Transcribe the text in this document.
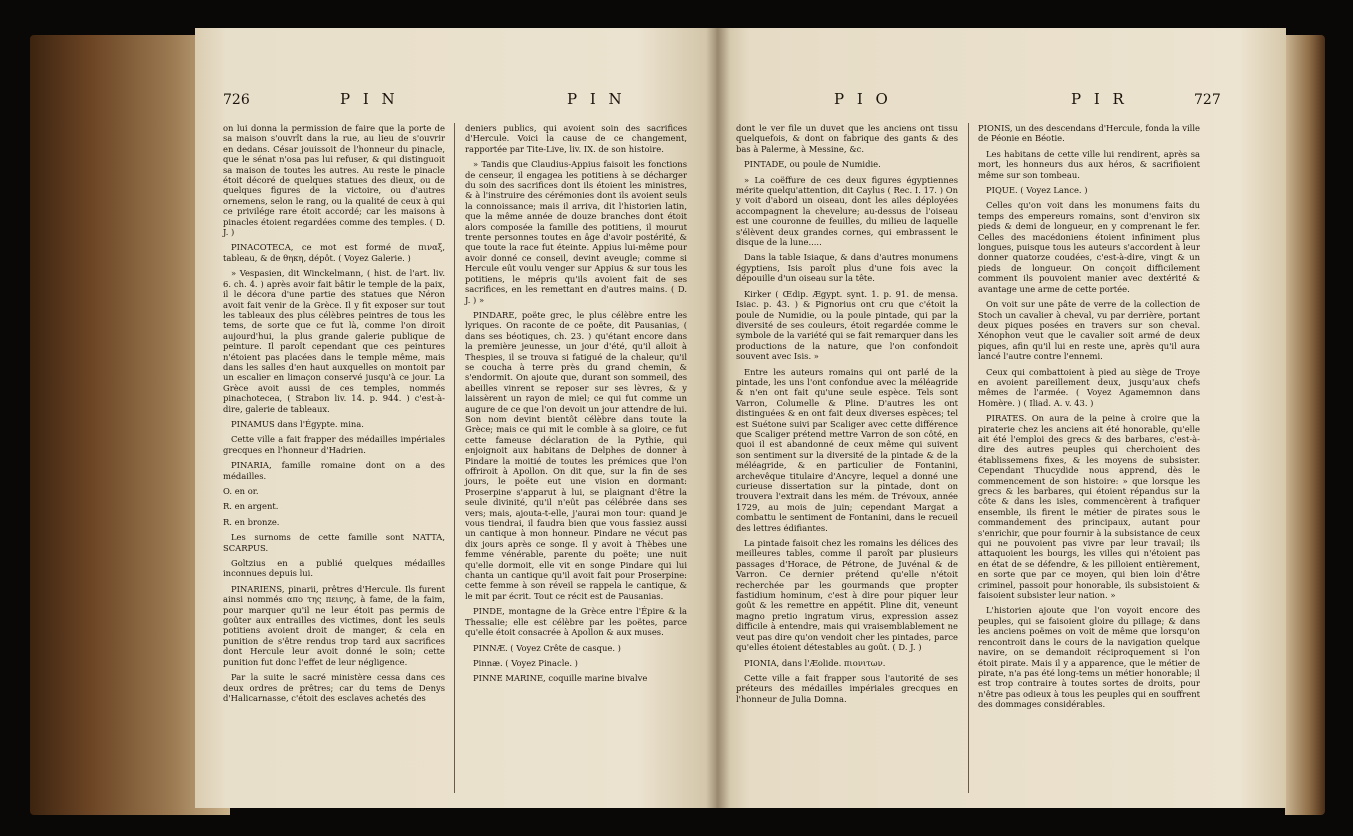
726	P I N	P I N

on lui donna la permission de faire que la porte de sa maison s'ouvrît dans la rue, au lieu de s'ouvrir en dedans. César jouissoit de l'honneur du pinacle, que le sénat n'osa pas lui refuser, & qui distinguoit sa maison de toutes les autres. Au reste le pinacle étoit décoré de quelques statues des dieux, ou de quelques figures de la victoire, ou d'autres ornemens, selon le rang, ou la qualité de ceux à qui ce privilége rare étoit accordé; car les maisons à pinacles étoient regardées comme des temples. ( D. J. )

PINACOTECA, ce mot est formé de πιναξ, tableau, & de θηκη, dépôt. ( Voyez Galerie. )

» Vespasien, dit Winckelmann, ( hist. de l'art. liv. 6. ch. 4. ) après avoir fait bâtir le temple de la paix, il le décora d'une partie des statues que Néron avoit fait venir de la Grèce. Il y fit exposer sur tout les tableaux des plus célèbres peintres de tous les tems, de sorte que ce fut là, comme l'on diroit aujourd'hui, la plus grande galerie publique de peinture. Il paroît cependant que ces peintures n'étoient pas placées dans le temple même, mais dans les salles d'en haut auxquelles on montoit par un escalier en limaçon conservé jusqu'à ce jour. La Grèce avoit aussi de ces temples, nommés pinachotecea, ( Strabon liv. 14. p. 944. ) c'est-à-dire, galerie de tableaux.

PINAMUS dans l'Égypte. mina.

Cette ville a fait frapper des médailles impériales grecques en l'honneur d'Hadrien.

PINARIA, famille romaine dont on a des médailles.

O. en or.

R. en argent.

R. en bronze.

Les surnoms de cette famille sont NATTA, SCARPUS.

Goltzius en a publié quelques médailles inconnues depuis lui.

PINARIENS, pinarii, prêtres d'Hercule. Ils furent ainsi nommés απο της πεινης, à fame, de la faim, pour marquer qu'il ne leur étoit pas permis de goûter aux entrailles des victimes, dont les seuls potitiens avoient droit de manger, & cela en punition de s'être rendus trop tard aux sacrifices dont Hercule leur avoit donné le soin; cette punition fut donc l'effet de leur négligence.

Par la suite le sacré ministère cessa dans ces deux ordres de prêtres; car du tems de Denys d'Halicarnasse, c'étoit des esclaves achetés des

deniers publics, qui avoient soin des sacrifices d'Hercule. Voici la cause de ce changement, rapportée par Tite-Live, liv. IX. de son histoire.

» Tandis que Claudius-Appius faisoit les fonctions de censeur, il engagea les potitiens à se décharger du soin des sacrifices dont ils étoient les ministres, & à l'instruire des cérémonies dont ils avoient seuls la connoissance; mais il arriva, dit l'historien latin, que la même année de douze branches dont étoit alors composée la famille des potitiens, il mourut trente personnes toutes en âge d'avoir postérité, & que toute la race fut éteinte. Appius lui-même pour avoir donné ce conseil, devint aveugle; comme si Hercule eût voulu venger sur Appius & sur tous les potitiens, le mépris qu'ils avoient fait de ses sacrifices, en les remettant en d'autres mains. ( D. J. ) »

PINDARE, poëte grec, le plus célèbre entre les lyriques. On raconte de ce poëte, dit Pausanias, ( dans ses béotiques, ch. 23. ) qu'étant encore dans la première jeunesse, un jour d'été, qu'il alloit à Thespies, il se trouva si fatigué de la chaleur, qu'il se coucha à terre près du grand chemin, & s'endormit. On ajoute que, durant son sommeil, des abeilles vinrent se reposer sur ses lèvres, & y laissèrent un rayon de miel; ce qui fut comme un augure de ce que l'on devoit un jour attendre de lui. Son nom devint bientôt célèbre dans toute la Grèce; mais ce qui mit le comble à sa gloire, ce fut cette fameuse déclaration de la Pythie, qui enjoignoit aux habitans de Delphes de donner à Pindare la moitié de toutes les prémices que l'on offriroit à Apollon. On dit que, sur la fin de ses jours, le poëte eut une vision en dormant: Proserpine s'apparut à lui, se plaignant d'être la seule divinité, qu'il n'eût pas célébrée dans ses vers; mais, ajouta-t-elle, j'aurai mon tour: quand je vous tiendrai, il faudra bien que vous fassiez aussi un cantique à mon honneur. Pindare ne vécut pas dix jours après ce songe. Il y avoit à Thèbes une femme vénérable, parente du poëte; une nuit qu'elle dormoit, elle vit en songe Pindare qui lui chanta un cantique qu'il avoit fait pour Proserpine: cette femme à son réveil se rappela le cantique, & le mit par écrit. Tout ce récit est de Pausanias.

PINDE, montagne de la Grèce entre l'Épire & la Thessalie; elle est célèbre par les poëtes, parce qu'elle étoit consacrée à Apollon & aux muses.

PINNÆ. ( Voyez Crête de casque. )

Pinnæ. ( Voyez Pinacle. )

PINNE MARINE, coquille marine bivalve

P I O	P I R	727

dont le ver file un duvet que les anciens ont tissu quelquefois, & dont on fabrique des gants & des bas à Palerme, à Messine, &c.

PINTADE, ou poule de Numidie.

» La coëffure de ces deux figures égyptiennes mérite quelqu'attention, dit Caylus ( Rec. I. 17. ) On y voit d'abord un oiseau, dont les ailes déployées accompagnent la chevelure; au-dessus de l'oiseau est une couronne de feuilles, du milieu de laquelle s'élèvent deux grandes cornes, qui embrassent le disque de la lune.....

Dans la table Isiaque, & dans d'autres monumens égyptiens, Isis paroît plus d'une fois avec la dépouille d'un oiseau sur la tête.

Kirker ( Œdip. Ægypt. synt. 1. p. 91. de mensa. Isiac. p. 43. ) & Pignorius ont cru que c'étoit la poule de Numidie, ou la poule pintade, qui par la diversité de ses couleurs, étoit regardée comme le symbole de la variété qui se fait remarquer dans les productions de la nature, que l'on confondoit souvent avec Isis. »

Entre les auteurs romains qui ont parlé de la pintade, les uns l'ont confondue avec la méléagride & n'en ont fait qu'une seule espèce. Tels sont Varron, Columelle & Pline. D'autres les ont distinguées & en ont fait deux diverses espèces; tel est Suétone suivi par Scaliger avec cette différence que Scaliger prétend mettre Varron de son côté, en quoi il est abandonné de ceux même qui suivent son sentiment sur la diversité de la pintade & de la méléagride, & en particulier de Fontanini, archevêque titulaire d'Ancyre, lequel a donné une curieuse dissertation sur la pintade, dont on trouvera l'extrait dans les mém. de Trévoux, année 1729, au mois de juin; cependant Margat a combattu le sentiment de Fontanini, dans le recueil des lettres édifiantes.

La pintade faisoit chez les romains les délices des meilleures tables, comme il paroît par plusieurs passages d'Horace, de Pétrone, de Juvénal & de Varron. Ce dernier prétend qu'elle n'étoit recherchée par les gourmands que propter fastidium hominum, c'est à dire pour piquer leur goût & les remettre en appétit. Pline dit, veneunt magno pretio ingratum virus, expression assez difficile à entendre, mais qui vraisemblablement ne veut pas dire qu'on vendoit cher les pintades, parce qu'elles étoient détestables au goût. ( D. J. )

PIONIA, dans l'Æolide. πιονιτων.

Cette ville a fait frapper sous l'autorité de ses préteurs des médailles impériales grecques en l'honneur de Julia Domna.

PIONIS, un des descendans d'Hercule, fonda la ville de Péonie en Béotie.

Les habitans de cette ville lui rendirent, après sa mort, les honneurs dus aux héros, & sacrifioient même sur son tombeau.

PIQUE. ( Voyez Lance. )

Celles qu'on voit dans les monumens faits du temps des empereurs romains, sont d'environ six pieds & demi de longueur, en y comprenant le fer. Celles des macédoniens étoient infiniment plus longues, puisque tous les auteurs s'accordent à leur donner quatorze coudées, c'est-à-dire, vingt & un pieds de longueur. On conçoit difficilement comment ils pouvoient manier avec dextérité & avantage une arme de cette portée.

On voit sur une pâte de verre de la collection de Stoch un cavalier à cheval, vu par derrière, portant deux piques posées en travers sur son cheval. Xénophon veut que le cavalier soit armé de deux piques, afin qu'il lui en reste une, après qu'il aura lancé l'autre contre l'ennemi.

Ceux qui combattoient à pied au siège de Troye en avoient pareillement deux, jusqu'aux chefs mêmes de l'armée. ( Voyez Agamemnon dans Homère. ) ( Iliad. A. v. 43. )

PIRATES. On aura de la peine à croire que la piraterie chez les anciens ait été honorable, qu'elle ait été l'emploi des grecs & des barbares, c'est-à-dire des autres peuples qui cherchoient des établissemens fixes, & les moyens de subsister. Cependant Thucydide nous apprend, dès le commencement de son histoire: » que lorsque les grecs & les barbares, qui étoient répandus sur la côte & dans les isles, commencèrent à trafiquer ensemble, ils firent le métier de pirates sous le commandement des principaux, autant pour s'enrichir, que pour fournir à la subsistance de ceux qui ne pouvoient pas vivre par leur travail; ils attaquoient les bourgs, les villes qui n'étoient pas en état de se défendre, & les pilloient entièrement, en sorte que par ce moyen, qui bien loin d'être criminel, passoit pour honorable, ils subsistoient & faisoient subsister leur nation. »

L'historien ajoute que l'on voyoit encore des peuples, qui se faisoient gloire du pillage; & dans les anciens poëmes on voit de même que lorsqu'on rencontroit dans le cours de la navigation quelque navire, on se demandoit réciproquement si l'on étoit pirate. Mais il y a apparence, que le métier de pirate, n'a pas été long-tems un métier honorable; il est trop contraire à toutes sortes de droits, pour n'être pas odieux à tous les peuples qui en souffrent des dommages considérables.
